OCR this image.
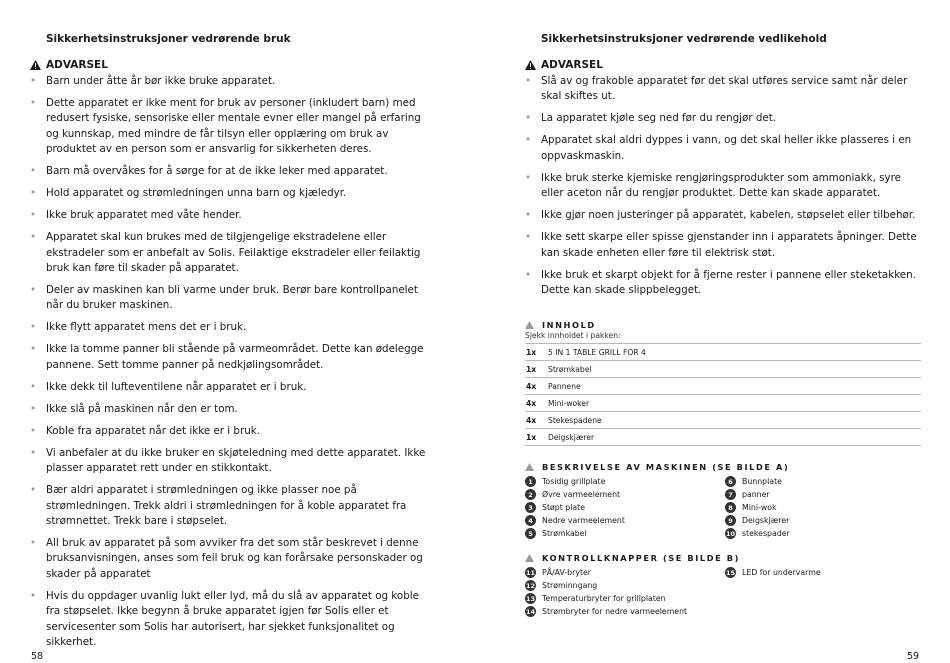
Sikkerhetsinstruksjoner vedrørende bruk
ADVARSEL
• Barn under åtte år bør ikke bruke apparatet.
• Dette apparatet er ikke ment for bruk av personer (inkludert barn) med redusert fysiske, sensoriske eller mentale evner eller mangel på erfaring og kunnskap, med mindre de får tilsyn eller opplæring om bruk av produktet av en person som er ansvarlig for sikkerheten deres.
• Barn må overvåkes for å sørge for at de ikke leker med apparatet.
• Hold apparatet og strømledningen unna barn og kjæledyr.
• Ikke bruk apparatet med våte hender.
• Apparatet skal kun brukes med de tilgjengelige ekstradelene eller ekstradeler som er anbefalt av Solis. Feilaktige ekstradeler eller feilaktig bruk kan føre til skader på apparatet.
• Deler av maskinen kan bli varme under bruk. Berør bare kontrollpanelet når du bruker maskinen.
• Ikke flytt apparatet mens det er i bruk.
• Ikke la tomme panner bli stående på varmeområdet. Dette kan ødelegge pannene. Sett tomme panner på nedkjølingsområdet.
• Ikke dekk til lufteventilene når apparatet er i bruk.
• Ikke slå på maskinen når den er tom.
• Koble fra apparatet når det ikke er i bruk.
• Vi anbefaler at du ikke bruker en skjøteledning med dette apparatet. Ikke plasser apparatet rett under en stikkontakt.
• Bær aldri apparatet i strømledningen og ikke plasser noe på strømledningen. Trekk aldri i strømledningen for å koble apparatet fra strømnettet. Trekk bare i støpselet.
• All bruk av apparatet på som avviker fra det som står beskrevet i denne bruksanvisningen, anses som feil bruk og kan forårsake personskader og skader på apparatet
• Hvis du oppdager uvanlig lukt eller lyd, må du slå av apparatet og koble fra støpselet. Ikke begynn å bruke apparatet igjen før Solis eller et servicesenter som Solis har autorisert, har sjekket funksjonalitet og sikkerhet.
58
Sikkerhetsinstruksjoner vedrørende vedlikehold
ADVARSEL
• Slå av og frakoble apparatet før det skal utføres service samt når deler skal skiftes ut.
• La apparatet kjøle seg ned før du rengjør det.
• Apparatet skal aldri dyppes i vann, og det skal heller ikke plasseres i en oppvaskmaskin.
• Ikke bruk sterke kjemiske rengjøringsprodukter som ammoniakk, syre eller aceton når du rengjør produktet. Dette kan skade apparatet.
• Ikke gjør noen justeringer på apparatet, kabelen, støpselet eller tilbehør.
• Ikke sett skarpe eller spisse gjenstander inn i apparatets åpninger. Dette kan skade enheten eller føre til elektrisk støt.
• Ikke bruk et skarpt objekt for å fjerne rester i pannene eller steketakken. Dette kan skade slippbelegget.
INNHOLD
Sjekk innholdet i pakken:
1x	5 IN 1 TABLE GRILL FOR 4
1x	Strømkabel
4x	Pannene
4x	Mini-woker
4x	Stekespadene
1x	Deigskjærer
BESKRIVELSE AV MASKINEN (SE BILDE A)
1	Tosidig grillplate	6	Bunnplate
2	Øvre varmeelement	7	panner
3	Støpt plate	8	Mini-wok
4	Nedre varmeelement	9	Deigskjærer
5	Strømkabel	10 stekespader
KONTROLLKNAPPER (SE BILDE B)
11 PÅ/AV-bryter	15 LED for undervarme
12 Strøminngang
13 Temperaturbryter for grillplaten
14 Strømbryter for nedre varmeelement
59
